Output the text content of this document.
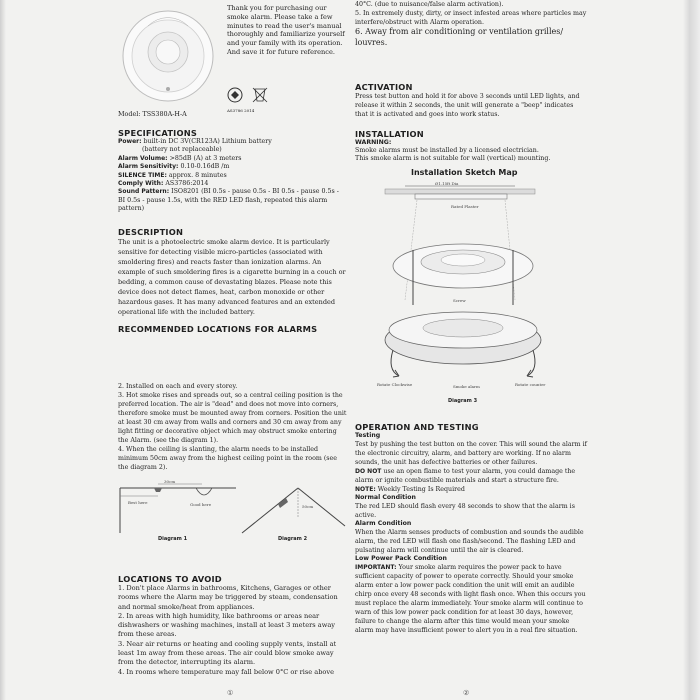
Model: TSS380A-H-A
Thank you for purchasing our smoke alarm. Please take a few minutes to read the user's manual thoroughly and familiarize yourself and your family with its operation. And save it for future reference.
AS3786 2014
SPECIFICATIONS
Power: built-in DC 3V(CR123A) Lithium battery
(battery not replaceable)
Alarm Volume: >85dB (A) at 3 meters
Alarm Sensitivity: 0.10-0.16dB /m
SILENCE TIME: approx. 8 minutes
Comply With: AS3786:2014
Sound Pattern: ISO8201 (BI 0.5s - pause 0.5s - BI 0.5s - pause 0.5s - BI 0.5s - pause 1.5s, with the RED LED flash, repeated this alarm pattern)
DESCRIPTION
The unit is a photoelectric smoke alarm device. It is particularly sensitive for detecting visible micro-particles (associated with smoldering fires) and reacts faster than ionization alarms. An example of such smoldering fires is a cigarette burning in a couch or bedding, a common cause of devastating blazes. Please note this device does not detect flames, heat, carbon monoxide or other hazardous gases. It has many advanced features and an extended operational life with the included battery.
RECOMMENDED LOCATIONS FOR ALARMS
2. Installed on each and every storey.
3. Hot smoke rises and spreads out, so a central ceiling position is the preferred location. The air is "dead" and does not move into corners, therefore smoke must be mounted away from corners. Position the unit at least 30 cm away from walls and corners and 30 cm away from any light fitting or decorative object which may obstruct smoke entering the Alarm. (see the diagram 1).
4. When the ceiling is slanting, the alarm needs to be installed minimum 50cm away from the highest ceiling point in the room (see the diagram 2).
30cm
Good here
Best here
Diagram 1
50cm
Diagram 2
LOCATIONS TO AVOID
1. Don't place Alarms in bathrooms, Kitchens, Garages or other rooms where the Alarm may be triggered by steam, condensation and normal smoke/heat from appliances.
2. In areas with high humidity, like bathrooms or areas near dishwashers or washing machines, install at least 3 meters away from these areas.
3. Near air returns or heating and cooling supply vents, install at least 1m away from these areas. The air could blow smoke away from the detector, interrupting its alarm.
4. In rooms where temperature may fall below 0°C or rise above
①
40°C. (due to nuisance/false alarm activation).
5. In extremely dusty, dirty, or insect infested areas where particles may interfere/obstruct with Alarm operation.
6. Away from air conditioning or ventilation grilles/ louvres.
ACTIVATION
Press test button and hold it for above 3 seconds until LED lights, and release it within 2 seconds, the unit will generate a "beep" indicates that it is activated and goes into work status.
INSTALLATION
WARNING:
Smoke alarms must be installed by a licensed electrician.
This smoke alarm is not suitable for wall (vertical) mounting.
Installation Sketch Map
Ø1.15ft Dia
Rated Plaster
Screw
Rotate Clockwise	Rotate counter
Smoke alarm
Diagram 3
OPERATION AND TESTING
Testing
Test by pushing the test button on the cover. This will sound the alarm if the electronic circuitry, alarm, and battery are working. If no alarm sounds, the unit has defective batteries or other failures.
DO NOT use an open flame to test your alarm, you could damage the alarm or ignite combustible materials and start a structure fire.
NOTE: Weekly Testing Is Required
Normal Condition
The red LED should flash every 48 seconds to show that the alarm is active.
Alarm Condition
When the Alarm senses products of combustion and sounds the audible alarm, the red LED will flash one flash/second. The flashing LED and pulsating alarm will continue until the air is cleared.
Low Power Pack Condition
IMPORTANT: Your smoke alarm requires the power pack to have sufficient capacity of power to operate correctly. Should your smoke alarm enter a low power pack condition the unit will emit an audible chirp once every 48 seconds with light flash once. When this occurs you must replace the alarm immediately. Your smoke alarm will continue to warn of this low power pack condition for at least 30 days, however, failure to change the alarm after this time would mean your smoke alarm may have insufficient power to alert you in a real fire situation.
②
